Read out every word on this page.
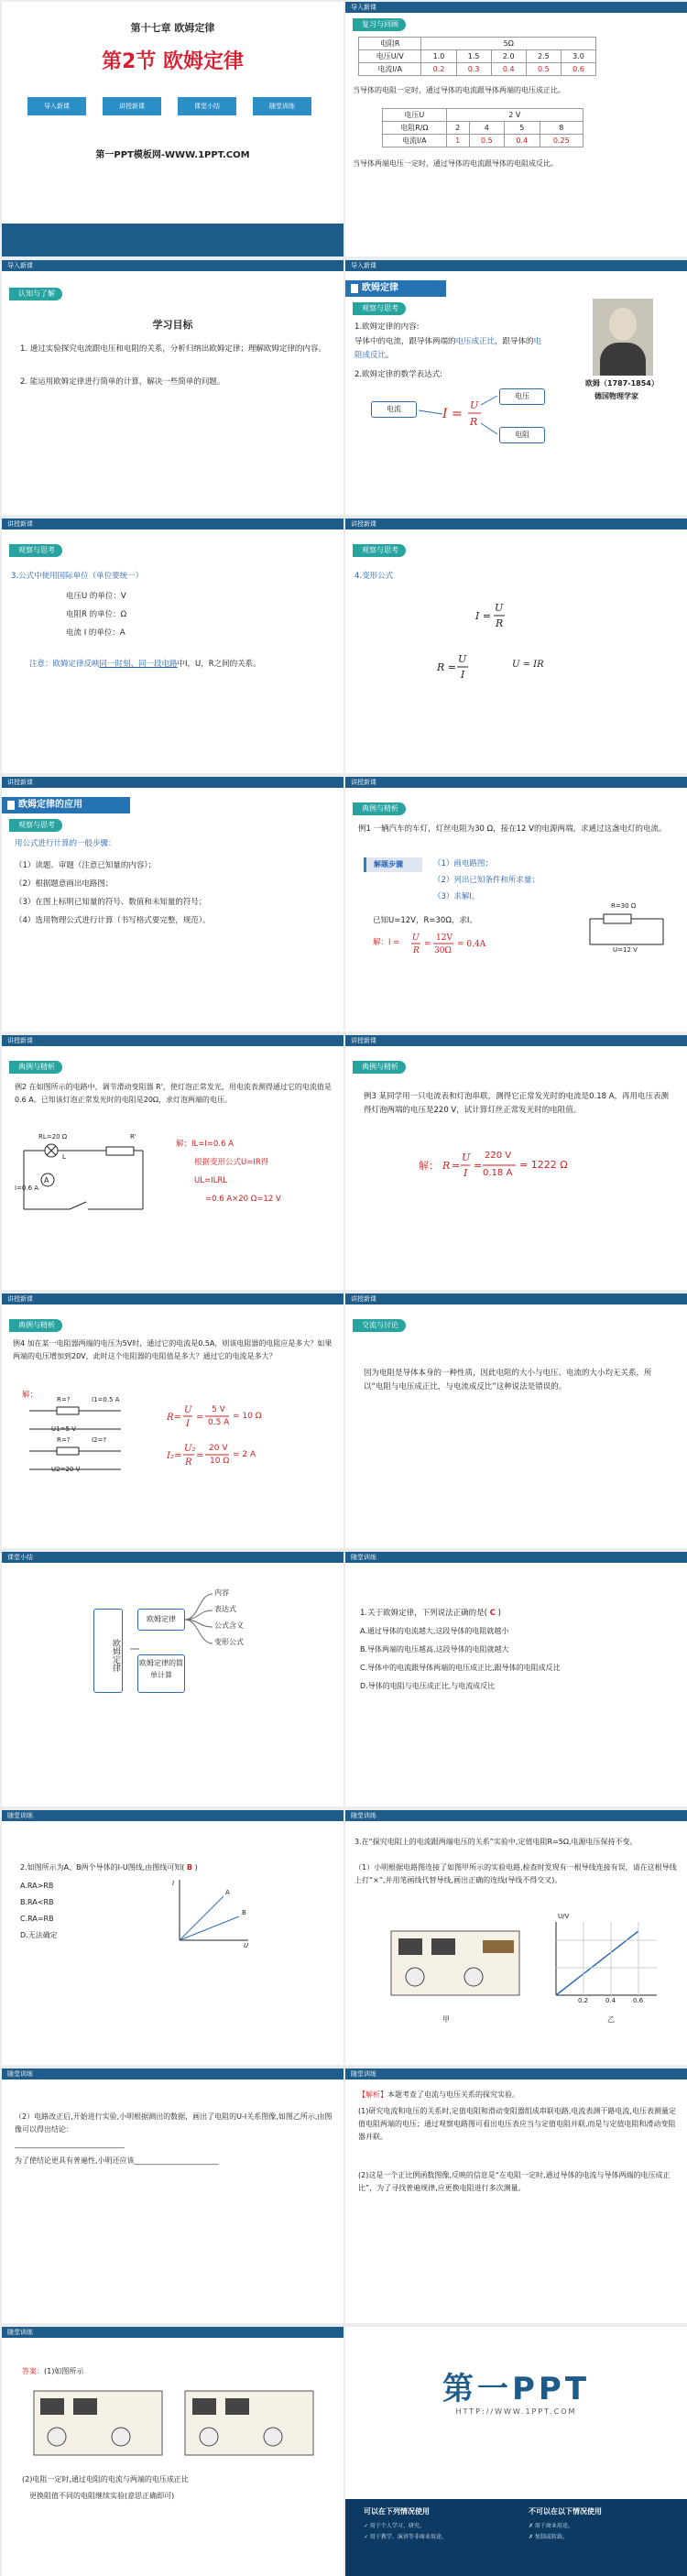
第十七章 欧姆定律
第2节 欧姆定律
导入新课	讲授新课	课堂小结	随堂训练
第一PPT模板网-WWW.1PPT.COM
导入新课
复习与回顾
电阻R	5Ω				
电压U/V	1.0	1.5	2.0	2.5	3.0
电流I/A	0.2	0.3	0.4	0.5	0.6
当导体的电阻一定时，通过导体的电流跟导体两端的电压成正比。
电压U	2 V			
电阻R/Ω	2	4	5	8
电流I/A	1	0.5	0.4	0.25
当导体两端电压一定时，通过导体的电流跟导体的电阻成反比。
导入新课
认知与了解
学习目标
1. 通过实验探究电流跟电压和电阻的关系，分析归纳出欧姆定律；理解欧姆定律的内容。
2. 能运用欧姆定律进行简单的计算，解决一些简单的问题。
导入新课
欧姆定律
观察与思考
1.欧姆定律的内容:
导体中的电流，跟导体两端的电压成正比，跟导体的电阻成反比。
2.欧姆定律的数学表达式:
I =
U
R
电流
电压
电阻
欧姆（1787-1854）
德国物理学家
讲授新课
观察与思考
3.公式中使用国际单位（单位要统一）
电压U 的单位：V
电阻R 的单位：Ω
电流 I 的单位：A
注意：欧姆定律反映同一时刻、同一段电路中I，U，R之间的关系。
讲授新课
观察与思考
4.变形公式
I =
U
R
R =
U
I
U = IR
讲授新课
欧姆定律的应用
观察与思考
用公式进行计算的一般步骤：
（1）读题、审题（注意已知量的内容）；
（2）根据题意画出电路图；
（3）在图上标明已知量的符号、数值和未知量的符号；
（4）选用物理公式进行计算（书写格式要完整，规范）。
讲授新课
典例与精析
例1 一辆汽车的车灯，灯丝电阻为30 Ω，接在12 V的电源两端，求通过这盏电灯的电流。
解题步骤	（1）画电路图；
（2）列出已知条件和所求量；
（3）求解I。
已知U=12V，R=30Ω，求I。
解：I = U
R
=
12V
30Ω
= 0.4A
R=30 Ω
U=12 V
讲授新课
典例与精析
例2 在如图所示的电路中，调节滑动变阻器 R'，使灯泡正常发光，用电流表测得通过它的电流值是0.6 A。已知该灯泡正常发光时的电阻是20Ω，求灯泡两端的电压。
A
RL=20 Ω
L
R'
I=0.6 A
解：IL=I=0.6 A
根据变形公式U=IR得
UL=ILRL
=0.6 A×20 Ω=12 V
讲授新课
典例与精析
例3 某同学用一只电流表和灯泡串联，测得它正常发光时的电流是0.18 A，再用电压表测得灯泡两端的电压是220 V，试计算灯丝正常发光时的电阻值。
解： R =
U
I
=
220 V
0.18 A
= 1222 Ω
讲授新课
典例与精析
例4 加在某一电阻器两端的电压为5V时，通过它的电流是0.5A，则该电阻器的电阻应是多大？如果两端的电压增加到20V，此时这个电阻器的电阻值是多大？通过它的电流是多大？
解：	R=?	I1=0.5 A
U1=5 V
R=?	I2=?
U2=20 V
R=
U
I
=
I₂=
U₂
R
=
5 V
0.5 A
= 10 Ω
20 V
10 Ω
= 2 A
讲授新课
交流与讨论
因为电阻是导体本身的一种性质，因此电阻的大小与电压、电流的大小均无关系，所以“电阻与电压成正比，与电流成反比”这种说法是错误的。
课堂小结
欧姆定律
欧姆定律
欧姆定律的简单计算
内容
表达式
公式含义
变形公式
随堂训练
1.关于欧姆定律，下列说法正确的是( C )
A.通过导体的电流越大,这段导体的电阻就越小
B.导体两端的电压越高,这段导体的电阻就越大
C.导体中的电流跟导体两端的电压成正比,跟导体的电阻成反比
D.导体的电阻与电压成正比,与电流成反比
随堂训练
2.如图所示为A、B两个导体的I-U图线,由图线可知( B )
A.RA>RB
B.RA<RB
C.RA=RB
D.无法确定
I
U
A
B
随堂训练
3.在“探究电阻上的电流跟两端电压的关系”实验中,定值电阻R=5Ω,电源电压保持不变。
（1）小明根据电路图连接了如图甲所示的实验电路,检查时发现有一根导线连接有误，请在这根导线上打“×”,并用笔画线代替导线,画出正确的连线(导线不得交叉)。
甲	乙
U/V
0.2	0.4	0.6
随堂训练
（2）电路改正后,开始进行实验,小明根据测出的数据，画出了电阻的U-I关系图像,如图乙所示,由图像可以得出结论：
______________________________
为了使结论更具有普遍性,小明还应该_______________________
随堂训练
【解析】本题考查了电流与电压关系的探究实验。
(1)研究电流和电压的关系时,定值电阻和滑动变阻器组成串联电路,电流表测干路电流,电压表测量定值电阻两端的电压；通过观察电路图可看出电压表应当与定值电阻并联,而是与定值电阻和滑动变阻器并联。
(2)这是一个正比例函数图像,反映的信息是“在电阻一定时,通过导体的电流与导体两端的电压成正比”，为了寻找普遍规律,应更换电阻进行多次测量。
随堂训练
答案：(1)如图所示
(2)电阻一定时,通过电阻的电流与两端的电压成正比
更换阻值不同的电阻继续实验(意思正确即可)
第一PPT
HTTP://WWW.1PPT.COM
可以在下列情况使用	不可以在以下情况使用
✓ 用于个人学习、研究。
✓ 用于教学、演讲等非商业用途。
✗ 用于商业用途。
✗ 复制或转载。
